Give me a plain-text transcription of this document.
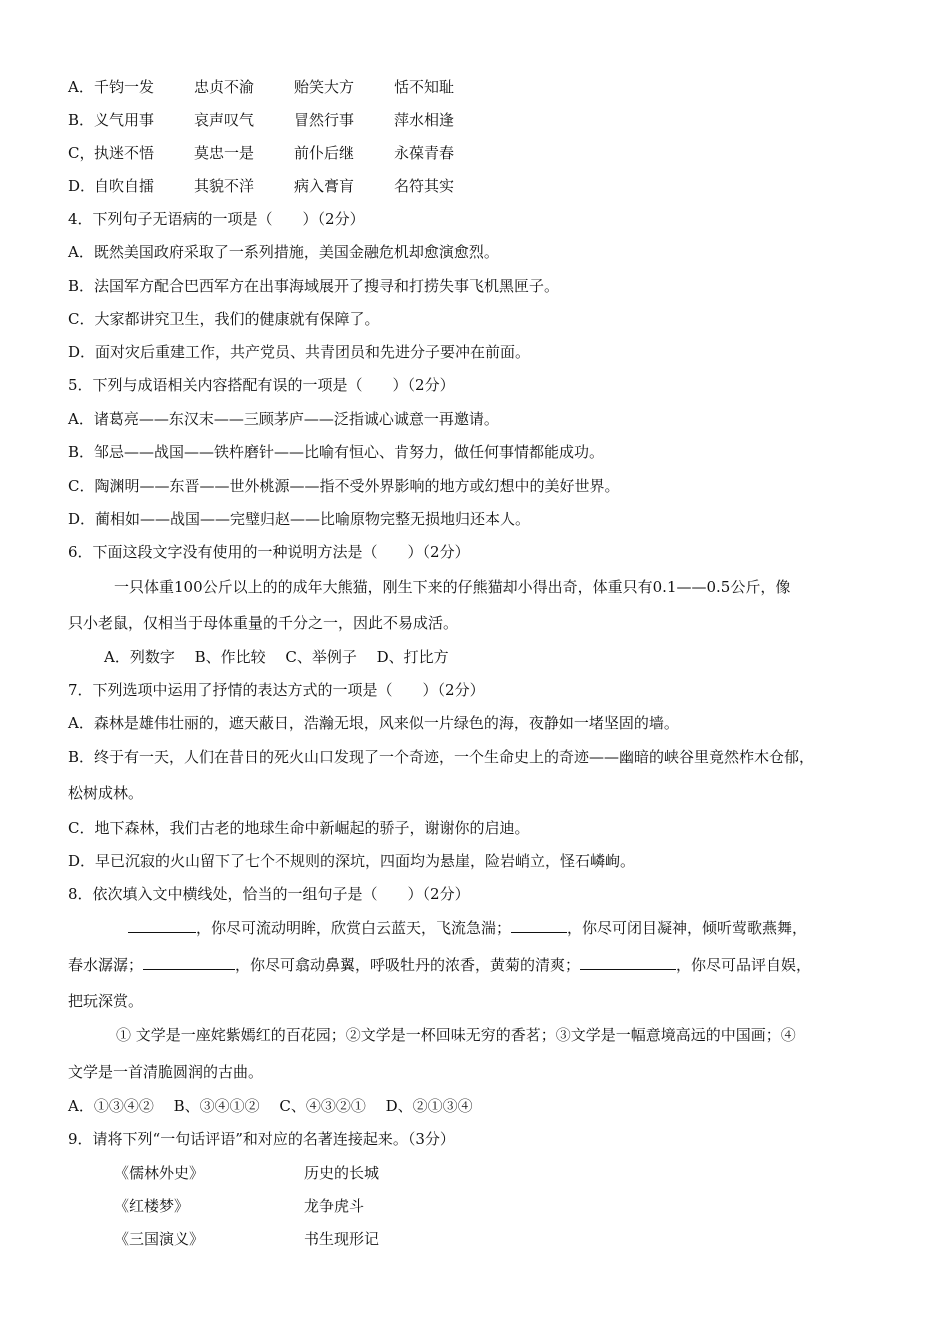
A．千钧一发	忠贞不渝	贻笑大方	恬不知耻
B．义气用事	哀声叹气	冒然行事	萍水相逢
C，执迷不悟	莫忠一是	前仆后继	永葆青春
D．自吹自擂	其貌不洋	病入膏肓	名符其实
4．下列句子无语病的一项是（　　）（2分）
A．既然美国政府采取了一系列措施，美国金融危机却愈演愈烈。
B．法国军方配合巴西军方在出事海域展开了搜寻和打捞失事飞机黑匣子。
C．大家都讲究卫生，我们的健康就有保障了。
D．面对灾后重建工作，共产党员、共青团员和先进分子要冲在前面。
5．下列与成语相关内容搭配有误的一项是（　　）（2分）
A．诸葛亮——东汉末——三顾茅庐——泛指诚心诚意一再邀请。
B．邹忌——战国——铁杵磨针——比喻有恒心、肯努力，做任何事情都能成功。
C．陶渊明——东晋——世外桃源——指不受外界影响的地方或幻想中的美好世界。
D．蔺相如——战国——完璧归赵——比喻原物完整无损地归还本人。
6．下面这段文字没有使用的一种说明方法是（　　）（2分）
一只体重100公斤以上的的成年大熊猫，刚生下来的仔熊猫却小得出奇，体重只有0.1——0.5公斤，像
只小老鼠，仅相当于母体重量的千分之一，因此不易成活。
A．列数字　 B、作比较　 C、举例子　 D、打比方
7．下列选项中运用了抒情的表达方式的一项是（　　）（2分）
A．森林是雄伟壮丽的，遮天蔽日，浩瀚无垠，风来似一片绿色的海，夜静如一堵坚固的墙。
B．终于有一天，人们在昔日的死火山口发现了一个奇迹，一个生命史上的奇迹——幽暗的峡谷里竟然柞木仓郁，
松树成林。
C．地下森林，我们古老的地球生命中新崛起的骄子，谢谢你的启迪。
D．早已沉寂的火山留下了七个不规则的深坑，四面均为悬崖，险岩峭立，怪石嶙峋。
8．依次填入文中横线处，恰当的一组句子是（　　）（2分）
，你尽可流动明眸，欣赏白云蓝天，飞流急湍；	，你尽可闭目凝神，倾听莺歌燕舞，
春水潺潺；	，你尽可翕动鼻翼，呼吸牡丹的浓香，黄菊的清爽；	，你尽可品评自娱，
把玩深赏。
① 文学是一座姹紫嫣红的百花园；②文学是一杯回味无穷的香茗；③文学是一幅意境高远的中国画；④
文学是一首清脆圆润的古曲。
A．①③④②　 B、③④①②　 C、④③②①　 D、②①③④
9．请将下列“一句话评语”和对应的名著连接起来。（3分）
《儒林外史》	历史的长城
《红楼梦》	龙争虎斗
《三国演义》	书生现形记
